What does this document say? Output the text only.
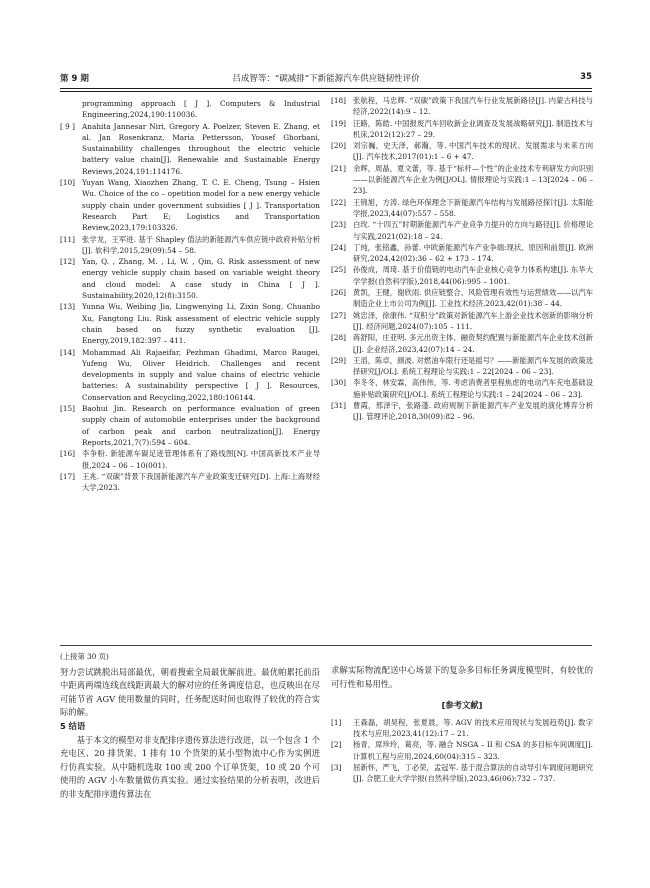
第 9 期	吕成智等：“碳减排”下新能源汽车供应链韧性评价	35
programming approach [ J ]. Computers & Industrial Engineering,2024,190:110036.
[ 9 ] Anahita Jannesar Niri, Gregory A. Poelzer, Steven E. Zhang, et al. Jan Rosenkranz, Maria Pettersson, Yousef Ghorbani, Sustainability challenges throughout the electric vehicle battery value chain[J]. Renewable and Sustainable Energy Reviews,2024,191:114176.
[10] Yuyan Wang, Xiaozhen Zhang, T. C. E. Cheng, Tsung – Hsien Wu. Choice of the co – opetition model for a new energy vehicle supply chain under government subsidies [ J ]. Transportation Research Part E; Logistics and Transportation Review,2023,179:103326.
[11] 张学龙，王军进. 基于 Shapley 值法的新能源汽车供应链中政府补贴分析[J]. 软科学,2015,29(09):54 – 58.
[12] Yan, Q. , Zhang, M. , Li, W. , Qin, G. Risk assessment of new energy vehicle supply chain based on variable weight theory and cloud model: A case study in China [ J ]. Sustainability,2020,12(8):3150.
[13] Yunna Wu, Weibing Jia, Lingwenying Li, Zixin Song, Chuanbo Xu, Fangtong Liu. Risk assessment of electric vehicle supply chain based on fuzzy synthetic evaluation [J]. Energy,2019,182:397 – 411.
[14] Mohammad Ali Rajaeifar, Pezhman Ghadimi, Marco Raugei, Yufeng Wu, Oliver Heidrich. Challenges and recent developments in supply and value chains of electric vehicle batteries: A sustainability perspective [ J ]. Resources, Conservation and Recycling,2022,180:106144.
[15] Baohui Jin. Research on performance evaluation of green supply chain of automobile enterprises under the background of carbon peak and carbon neutralization[J]. Energy Reports,2021,7(7):594 – 604.
[16] 李争粉. 新能源车碳足迹管理体系有了路线图[N]. 中国高新技术产业导报,2024 – 06 – 10(001).
[17] 王兆. “双碳”背景下我国新能源汽车产业政策变迁研究[D]. 上海:上海财经大学,2023.
[18] 张航程，马忠辉. “双碳”政策下我国汽车行业发展新路径[J]. 内蒙古科技与经济,2022(14):9 – 12.
[19] 汪路，陈皓. 中国报废汽车回收新企业调查及发展战略研究[J]. 制造技术与机床,2012(12):27 – 29.
[20] 刘宗巍，史天泽，郝瀚，等. 中国汽车技术的现状、发展需求与未来方向[J]. 汽车技术,2017(01):1 – 6 + 47.
[21] 余辉，周晶，夏文蕾，等. 基于“标杆—个性”的企业技术专利研发方向识别——以新能源汽车企业为例[J/OL]. 情报理论与实践:1 – 13[2024 – 06 – 23].
[22] 王锦旭，方涛. 绿色环保理念下新能源汽车结构与发展路径探讨[J]. 太阳能学报,2023,44(07):557 – 558.
[23] 白玫. “十四五”时期新能源汽车产业竞争力提升的方向与路径[J]. 价格理论与实践,2021(02):18 – 24.
[24] 丁纯，张铭鑫，孙蕾. 中欧新能源汽车产业争端:现状、原因和前景[J]. 欧洲研究,2024,42(02):36 – 62 + 173 – 174.
[25] 孙俊成，周琦. 基于价值链的电动汽车企业核心竞争力体系构建[J]. 东华大学学报(自然科学版),2018,44(06):995 – 1001.
[26] 黄凯，王健，谢欣雨. 供应链整合、风险管理有效性与运营绩效——以汽车制造企业上市公司为例[J]. 工业技术经济,2023,42(01):38 – 44.
[27] 姚忠泽，徐康伟. “双积分”政策对新能源汽车上游企业技术创新的影响分析[J]. 经济问题,2024(07):105 – 111.
[28] 蒋舒阳，庄亚明. 多元出资主体、融资契约配置与新能源汽车企业技术创新[J]. 企业经济,2023,42(07):14 – 24.
[29] 王滔，陈卓，颜波. 对燃油车限行还是摇号？——新能源汽车发展的政策选择研究[J/OL]. 系统工程理论与实践:1 – 22[2024 – 06 – 23].
[30] 李冬冬，林安霖，高伟伟，等. 考虑消费者里程焦虑的电动汽车充电基础设施补贴政策研究[J/OL]. 系统工程理论与实践:1 – 24[2024 – 06 – 23].
[31] 曹霞，邢泽宇，张路蓬. 政府规制下新能源汽车产业发展的演化博弈分析[J]. 管理评论,2018,30(09):82 – 96.
(上接第 30 页)

努力尝试跳脱出局部最优，朝着搜索全局最优解前进。最优帕累托前沿中距离两端连线直线距离最大的解对应的任务调度信息，也反映出在尽可能节省 AGV 使用数量的同时，任务配送时间也取得了较优的符合实际的解。

5 结语

基于本文的模型对非支配排序遗传算法进行改进，以一个包含 1 个充电区、20 排货架、1 排有 10 个货架的某小型物流中心作为实例进行仿真实验。从中随机选取 100 或 200 个订单货架，10 或 20 个可使用的 AGV 小车数量做仿真实验。通过实验结果的分析表明，改进后的非支配排序遗传算法在

求解实际物流配送中心场景下的复杂多目标任务调度模型时，有较优的可行性和易用性。

[参考文献]
[1]	王森磊，胡昊程，张夏晨，等. AGV 的技术应用现状与发展趋势[J]. 数字技术与应用,2023,41(12):17 – 21.
[2]	杨青，席珍玲，葛亮，等. 融合 NSGA – II 和 CSA 的多目标车间调度[J]. 计算机工程与应用,2024,60(04):315 – 323.
[3]	屈新怀，严飞，丁必荣，孟冠军. 基于混合算法的自动导引车调度问题研究[J]. 合肥工业大学学报(自然科学版),2023,46(06):732 – 737.
